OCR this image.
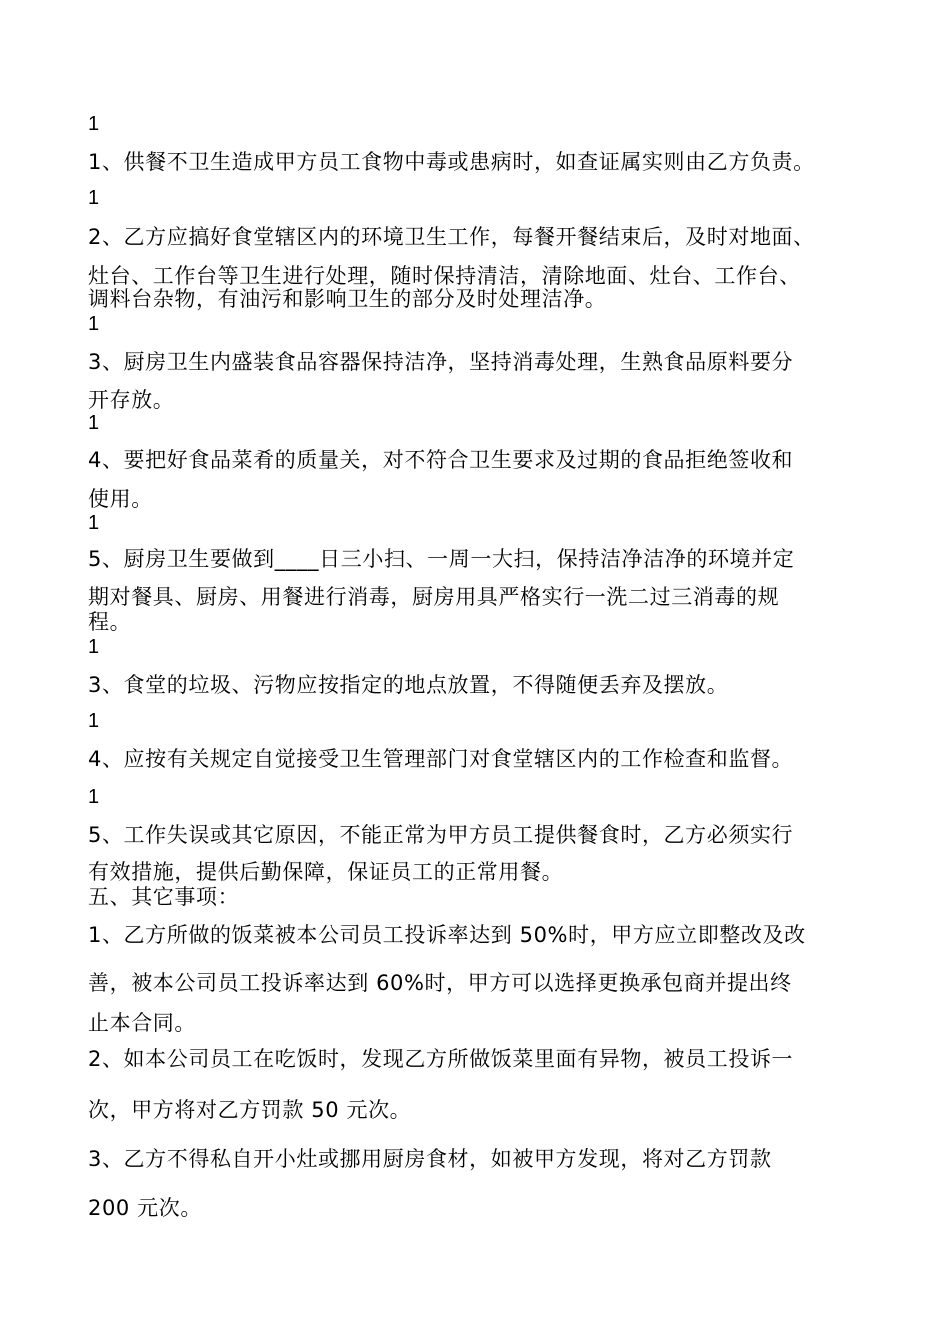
1

1、供餐不卫生造成甲方员工食物中毒或患病时，如查证属实则由乙方负责。

1

2、乙方应搞好食堂辖区内的环境卫生工作，每餐开餐结束后，及时对地面、

灶台、工作台等卫生进行处理，随时保持清洁，清除地面、灶台、工作台、

调料台杂物，有油污和影响卫生的部分及时处理洁净。

1

3、厨房卫生内盛装食品容器保持洁净，坚持消毒处理，生熟食品原料要分

开存放。

1

4、要把好食品菜肴的质量关，对不符合卫生要求及过期的食品拒绝签收和

使用。

1

5、厨房卫生要做到____日三小扫、一周一大扫，保持洁净洁净的环境并定

期对餐具、厨房、用餐进行消毒，厨房用具严格实行一洗二过三消毒的规

程。

1

3、食堂的垃圾、污物应按指定的地点放置，不得随便丢弃及摆放。

1

4、应按有关规定自觉接受卫生管理部门对食堂辖区内的工作检查和监督。

1

5、工作失误或其它原因，不能正常为甲方员工提供餐食时，乙方必须实行

有效措施，提供后勤保障，保证员工的正常用餐。

五、其它事项：

1、乙方所做的饭菜被本公司员工投诉率达到 50%时，甲方应立即整改及改

善，被本公司员工投诉率达到 60%时，甲方可以选择更换承包商并提出终

止本合同。

2、如本公司员工在吃饭时，发现乙方所做饭菜里面有异物，被员工投诉一

次，甲方将对乙方罚款 50 元次。

3、乙方不得私自开小灶或挪用厨房食材，如被甲方发现，将对乙方罚款

200 元次。
